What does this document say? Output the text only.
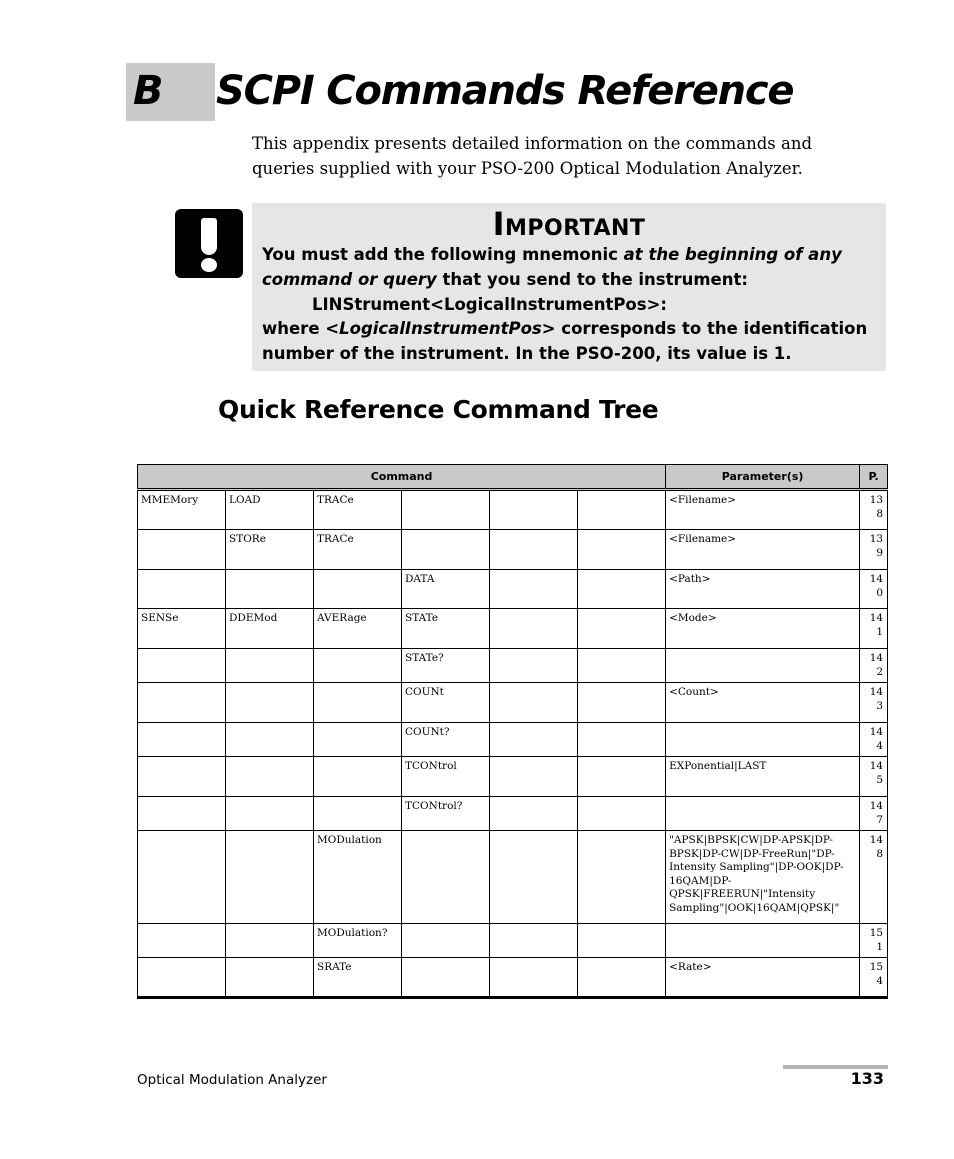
B SCPI Commands Reference

This appendix presents detailed information on the commands and queries supplied with your PSO-200 Optical Modulation Analyzer.

Important
You must add the following mnemonic at the beginning of any command or query that you send to the instrument:
LINStrument<LogicalInstrumentPos>:
where <LogicalInstrumentPos> corresponds to the identification number of the instrument. In the PSO-200, its value is 1.
Quick Reference Command Tree
Command						Parameter(s)	P.
MMEMory	LOAD	TRACe				<Filename>	138
	STORe	TRACe				<Filename>	139
			DATA			<Path>	140
SENSe	DDEMod	AVERage	STATe			<Mode>	141
			STATe?				142
			COUNt			<Count>	143
			COUNt?				144
			TCONtrol			EXPonential|LAST	145
			TCONtrol?				147
		MODulation				"APSK|BPSK|CW|DP-APSK|DP-BPSK|DP-CW|DP-FreeRun|"DP-Intensity Sampling"|DP-OOK|DP-16QAM|DP-QPSK|FREERUN|"Intensity Sampling"|OOK|16QAM|QPSK|"	148
		MODulation?					151
		SRATe				<Rate>	154
Optical Modulation Analyzer	133
